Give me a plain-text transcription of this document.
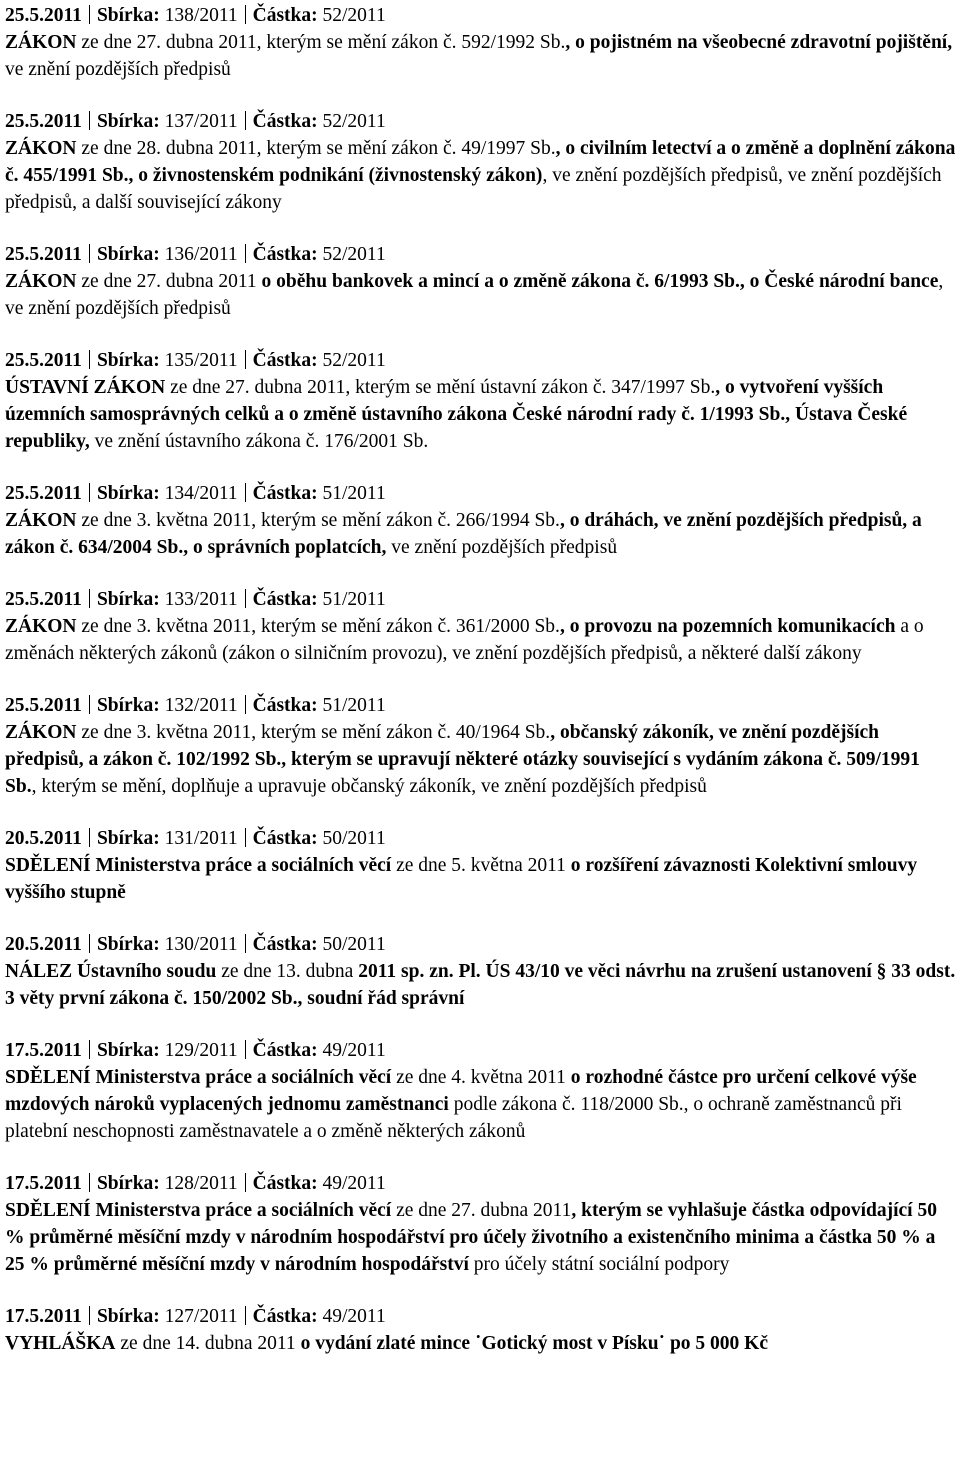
25.5.2011 Sbírka: 138/2011 Částka: 52/2011
ZÁKON ze dne 27. dubna 2011, kterým se mění zákon č. 592/1992 Sb., o pojistném na všeobecné zdravotní pojištění, ve znění pozdějších předpisů
25.5.2011 Sbírka: 137/2011 Částka: 52/2011
ZÁKON ze dne 28. dubna 2011, kterým se mění zákon č. 49/1997 Sb., o civilním letectví a o změně a doplnění zákona č. 455/1991 Sb., o živnostenském podnikání (živnostenský zákon), ve znění pozdějších předpisů, ve znění pozdějších předpisů, a další související zákony
25.5.2011 Sbírka: 136/2011 Částka: 52/2011
ZÁKON ze dne 27. dubna 2011 o oběhu bankovek a mincí a o změně zákona č. 6/1993 Sb., o České národní bance, ve znění pozdějších předpisů
25.5.2011 Sbírka: 135/2011 Částka: 52/2011
ÚSTAVNÍ ZÁKON ze dne 27. dubna 2011, kterým se mění ústavní zákon č. 347/1997 Sb., o vytvoření vyšších územních samosprávných celků a o změně ústavního zákona České národní rady č. 1/1993 Sb., Ústava České republiky, ve znění ústavního zákona č. 176/2001 Sb.
25.5.2011 Sbírka: 134/2011 Částka: 51/2011
ZÁKON ze dne 3. května 2011, kterým se mění zákon č. 266/1994 Sb., o dráhách, ve znění pozdějších předpisů, a zákon č. 634/2004 Sb., o správních poplatcích, ve znění pozdějších předpisů
25.5.2011 Sbírka: 133/2011 Částka: 51/2011
ZÁKON ze dne 3. května 2011, kterým se mění zákon č. 361/2000 Sb., o provozu na pozemních komunikacích a o změnách některých zákonů (zákon o silničním provozu), ve znění pozdějších předpisů, a některé další zákony
25.5.2011 Sbírka: 132/2011 Částka: 51/2011
ZÁKON ze dne 3. května 2011, kterým se mění zákon č. 40/1964 Sb., občanský zákoník, ve znění pozdějších předpisů, a zákon č. 102/1992 Sb., kterým se upravují některé otázky související s vydáním zákona č. 509/1991 Sb., kterým se mění, doplňuje a upravuje občanský zákoník, ve znění pozdějších předpisů
20.5.2011 Sbírka: 131/2011 Částka: 50/2011
SDĚLENÍ Ministerstva práce a sociálních věcí ze dne 5. května 2011 o rozšíření závaznosti Kolektivní smlouvy vyššího stupně
20.5.2011 Sbírka: 130/2011 Částka: 50/2011
NÁLEZ Ústavního soudu ze dne 13. dubna 2011 sp. zn. Pl. ÚS 43/10 ve věci návrhu na zrušení ustanovení § 33 odst. 3 věty první zákona č. 150/2002 Sb., soudní řád správní
17.5.2011 Sbírka: 129/2011 Částka: 49/2011
SDĚLENÍ Ministerstva práce a sociálních věcí ze dne 4. května 2011 o rozhodné částce pro určení celkové výše mzdových nároků vyplacených jednomu zaměstnanci podle zákona č. 118/2000 Sb., o ochraně zaměstnanců při platební neschopnosti zaměstnavatele a o změně některých zákonů
17.5.2011 Sbírka: 128/2011 Částka: 49/2011
SDĚLENÍ Ministerstva práce a sociálních věcí ze dne 27. dubna 2011, kterým se vyhlašuje částka odpovídající 50 % průměrné měsíční mzdy v národním hospodářství pro účely životního a existenčního minima a částka 50 % a 25 % průměrné měsíční mzdy v národním hospodářství pro účely státní sociální podpory
17.5.2011 Sbírka: 127/2011 Částka: 49/2011
VYHLÁŠKA ze dne 14. dubna 2011 o vydání zlaté mince ˙Gotický most v Písku˙ po 5 000 Kč
